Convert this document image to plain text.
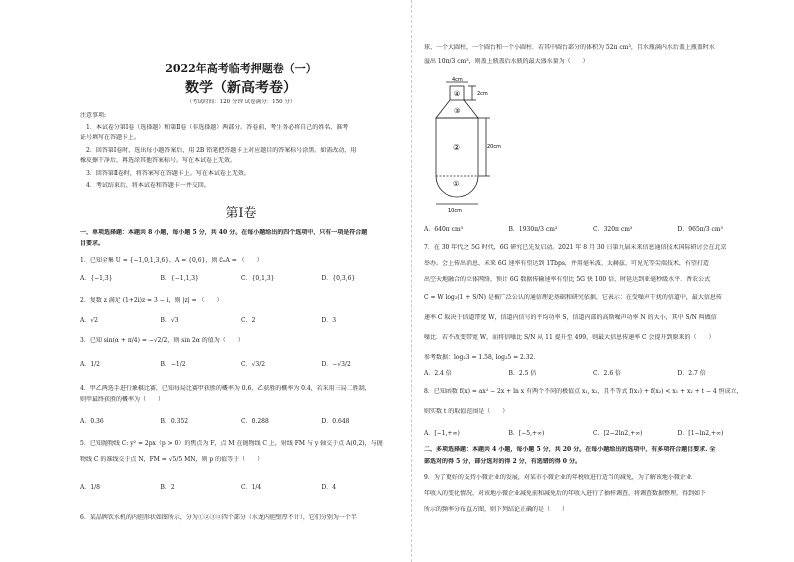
2022年高考临考押题卷（一）
数学（新高考卷）
（考试时间：120 分钟 试卷满分：150 分）
注意事项:
1．本试卷分第Ⅰ卷（选择题）和第Ⅱ卷（非选择题）两部分。答卷前，考生务必将自己的姓名、准考
证号填写在答题卡上。
2．回答第Ⅰ卷时，选出每小题答案后，用 2B 铅笔把答题卡上对应题目的答案标号涂黑。如需改动，用
橡皮擦干净后，再选涂其他答案标号。写在本试卷上无效。
3．回答第Ⅱ卷时，将答案写在答题卡上。写在本试卷上无效。
4．考试结束后，将本试卷和答题卡一并交回。
第Ⅰ卷
一、单项选择题：本题共 8 小题，每小题 5 分，共 40 分。在每小题给出的四个选项中，只有一项是符合题
目要求。
1．已知全集 U = {−1,0,1,3,6}，A = {0,6}，则 ∁ᵤA = （　　）
A．{−1,3}	B．{−1,1,3}	C．{0,1,3}	D．{0,3,6}
2．复数 z 满足 (1+2i)z = 3 − i，则 |z| = （　　）
A．√2	B．√3	C．2	D．3
3．已知 sin(α + π/4) = −√2/2，则 sin 2α 的值为（　　）
A．1/2	B．−1/2	C．√3/2	D．−√3/2
4．甲乙两选手进行象棋比赛，已知每局比赛甲获胜的概率为 0.6，乙获胜的概率为 0.4，若采用三局二胜制，
则甲最终获胜的概率为（　　）
A．0.36	B．0.352	C．0.288	D．0.648
5．已知抛物线 C: y² = 2px（p > 0）的焦点为 F，点 M 在抛物线 C 上，射线 FM 与 y 轴交于点 A(0,2)，与抛
物线 C 的准线交于点 N，FM = √5/5 MN，则 p 的值等于（　　）
A．1/8	B．2	C．1/4	D．4
6．某品牌饮水机的内胆形状如图所示，分为①②③④四个部分（水龙内胆壁厚不计），它们分别为一个半
球、一个大圆柱，一个圆台和一个小圆柱．若其中圆台部分的体积为 52π cm³，且水瓶满内水后盖上瓶盖时水
溢出 10π/3 cm³，则盖上瓶盖后水瓶的最大盛水量为（　　）
4cm
2cm
20cm
10cm
④
③
②
①
A．640π cm³	B．1930π/3 cm³	C．320π cm³	D．965π/3 cm³
7．在 30 年代之 5G 时代，6G 研究已先发启动。2021 年 8 月 30 日第九届未来信息通信技术国际研讨会在北京
举办。会上传出消息，未来 6G 速率有望达到 1Tbps，并用毫米波、太赫兹、可见光等尖端技术，有望打造
出空天地融合的立体网络，预计 6G 数据传输速率有望比 5G 快 100 倍，时延达到亚毫秒级水平．香农公式
C = W log₂(1 + S/N) 是被广泛公认的通信理论基础和研究依据，它表示：在受噪声干扰的信道中，最大信息传
递率 C 取决于信道带宽 W，信道内信号的平均功率 S，信道内部的高斯噪声功率 N 的大小，其中 S/N 叫做信
噪比．若不改变带宽 W，而将信噪比 S/N 从 11 提升至 499，则最大信息传递率 C 会提升到原来的（　　）
参考数据：log₂3 = 1.58, log₂5 = 2.32．
A．2.4 倍	B．2.5 倍	C．2.6 倍	D．2.7 倍
8．已知函数 f(x) = ax² − 2x + ln x 有两个不同的极值点 x₁, x₂，且不等式 f(x₁) + f(x₂) < x₁ + x₂ + t − 4 恒成立，
则实数 t 的取值范围是（　　）
A．[−1,+∞)	B．[−5,+∞)	C．[2−2ln2,+∞)	D．[1−ln2,+∞)
二、多项选择题：本题共 4 小题，每小题 5 分，共 20 分。在每小题给出的选项中，有多项符合题目要求. 全
部选对的得 5 分，部分选对的得 2 分，有选错的得 0 分。
9．为了更好的支持小微企业的发展，对某市小微企业的年税收进行适当的减免，为了解该地小微企业
年收入的变化情况，对该地小微企业减免前和减免后的年收入进行了抽样调查，将调查数据整理，得到如下
所示的频率分布直方图，则下列结论正确的是（　　）
